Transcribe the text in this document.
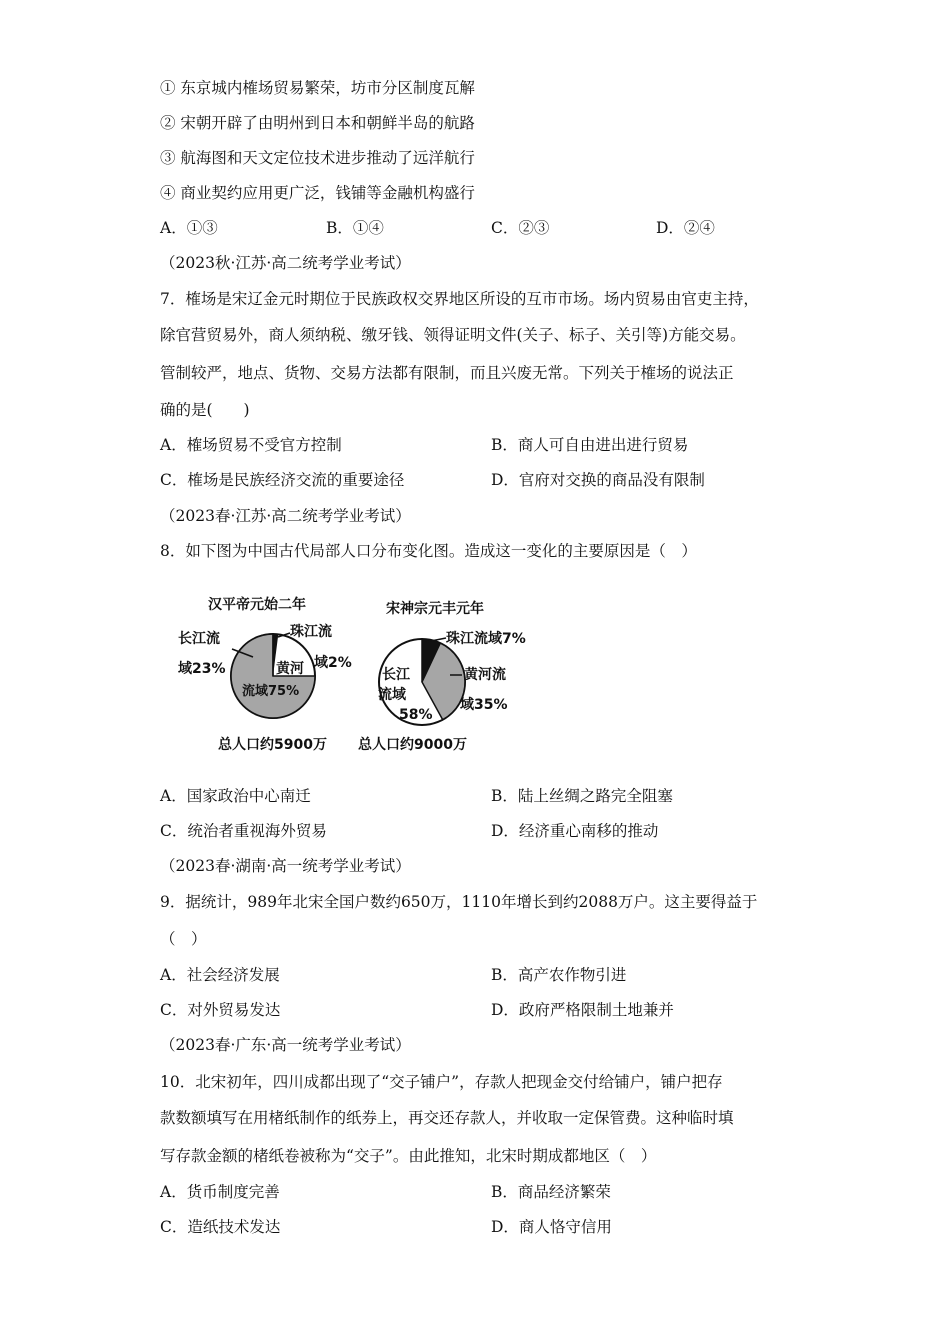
① 东京城内榷场贸易繁荣，坊市分区制度瓦解
② 宋朝开辟了由明州到日本和朝鲜半岛的航路
③ 航海图和天文定位技术进步推动了远洋航行
④ 商业契约应用更广泛，钱铺等金融机构盛行
A．①③	B．①④	C．②③	D．②④
（2023秋·江苏·高二统考学业考试）
7．榷场是宋辽金元时期位于民族政权交界地区所设的互市市场。场内贸易由官吏主持，
除官营贸易外，商人须纳税、缴牙钱、领得证明文件(关子、标子、关引等)方能交易。
管制较严，地点、货物、交易方法都有限制，而且兴废无常。下列关于榷场的说法正
确的是(　　)
A．榷场贸易不受官方控制	B．商人可自由进出进行贸易
C．榷场是民族经济交流的重要途径	D．官府对交换的商品没有限制
（2023春·江苏·高二统考学业考试）
8．如下图为中国古代局部人口分布变化图。造成这一变化的主要原因是（　）
汉平帝元始二年
长江流
域23%
珠江流
域2%
黄河
流域75%
总人口约5900万
宋神宗元丰元年
珠江流域7%
黄河流
域35%
长江
流域
58%
总人口约9000万
A．国家政治中心南迁	B．陆上丝绸之路完全阻塞
C．统治者重视海外贸易	D．经济重心南移的推动
（2023春·湖南·高一统考学业考试）
9．据统计，989年北宋全国户数约650万，1110年增长到约2088万户。这主要得益于
（　）
A．社会经济发展	B．高产农作物引进
C．对外贸易发达	D．政府严格限制土地兼并
（2023春·广东·高一统考学业考试）
10．北宋初年，四川成都出现了“交子铺户”，存款人把现金交付给铺户，铺户把存
款数额填写在用楮纸制作的纸券上，再交还存款人，并收取一定保管费。这种临时填
写存款金额的楮纸卷被称为“交子”。由此推知，北宋时期成都地区（　）
A．货币制度完善	B．商品经济繁荣
C．造纸技术发达	D．商人恪守信用
